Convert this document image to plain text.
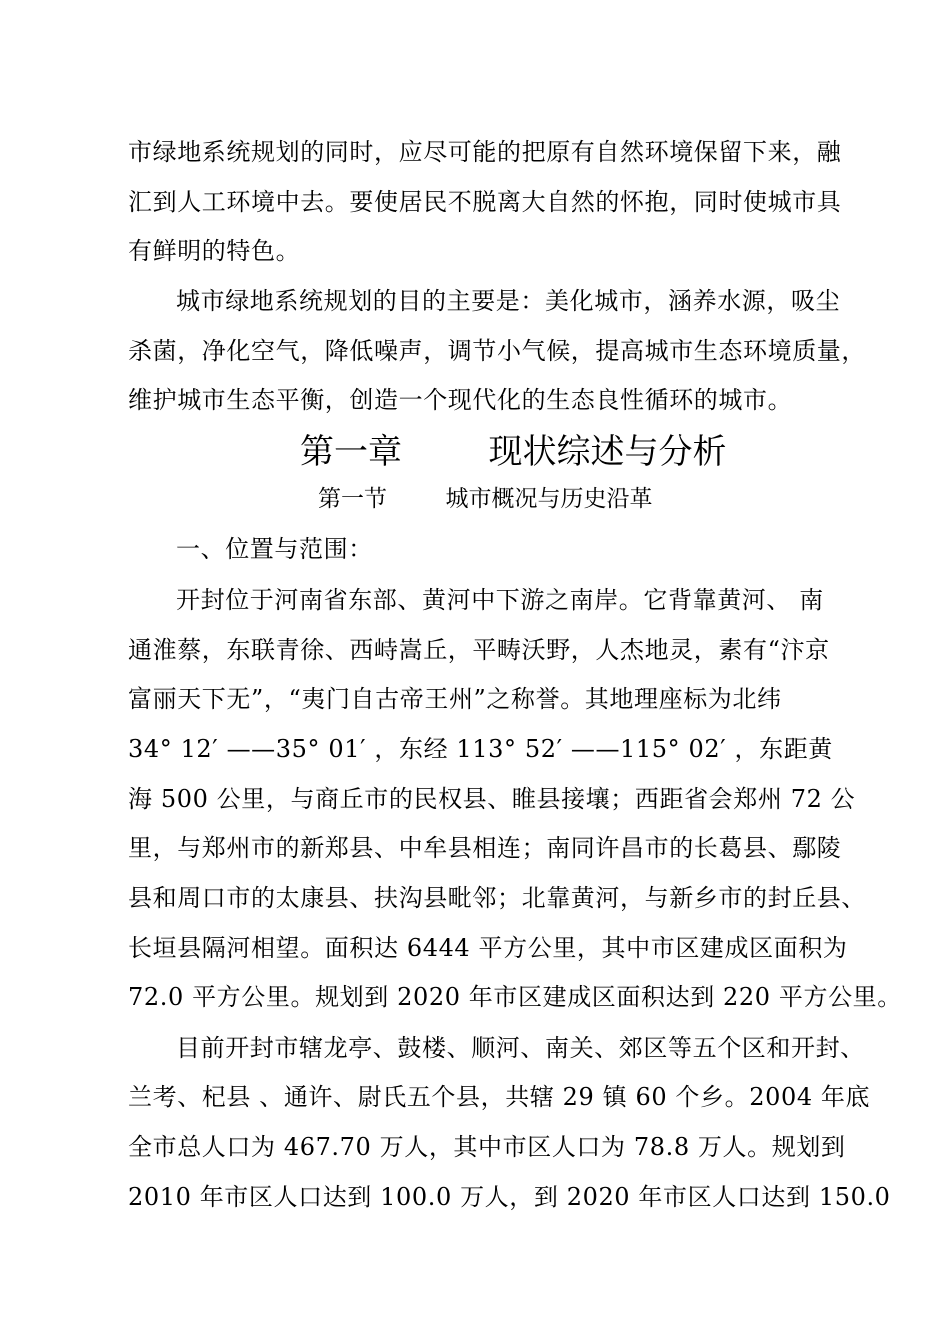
市绿地系统规划的同时，应尽可能的把原有自然环境保留下来，融
汇到人工环境中去。要使居民不脱离大自然的怀抱，同时使城市具
有鲜明的特色。
城市绿地系统规划的目的主要是：美化城市，涵养水源，吸尘
杀菌，净化空气，降低噪声，调节小气候，提高城市生态环境质量，
维护城市生态平衡，创造一个现代化的生态良性循环的城市。
第一章        现状综述与分析
第一节        城市概况与历史沿革
一、位置与范围：
开封位于河南省东部、黄河中下游之南岸。它背靠黄河、 南
通淮蔡，东联青徐、西峙嵩丘，平畴沃野，人杰地灵，素有“汴京
富丽天下无”，“夷门自古帝王州”之称誉。其地理座标为北纬
34° 12′ ——35° 01′ ，东经 113° 52′ ——115° 02′ ，东距黄
海 500 公里，与商丘市的民权县、睢县接壤；西距省会郑州 72 公
里，与郑州市的新郑县、中牟县相连；南同许昌市的长葛县、鄢陵
县和周口市的太康县、扶沟县毗邻；北靠黄河，与新乡市的封丘县、
长垣县隔河相望。面积达 6444 平方公里，其中市区建成区面积为
72.0 平方公里。规划到 2020 年市区建成区面积达到 220 平方公里。
目前开封市辖龙亭、鼓楼、顺河、南关、郊区等五个区和开封、
兰考、杞县 、通许、尉氏五个县，共辖 29 镇 60 个乡。2004 年底
全市总人口为 467.70 万人，其中市区人口为 78.8 万人。规划到
2010 年市区人口达到 100.0 万人，到 2020 年市区人口达到 150.0
